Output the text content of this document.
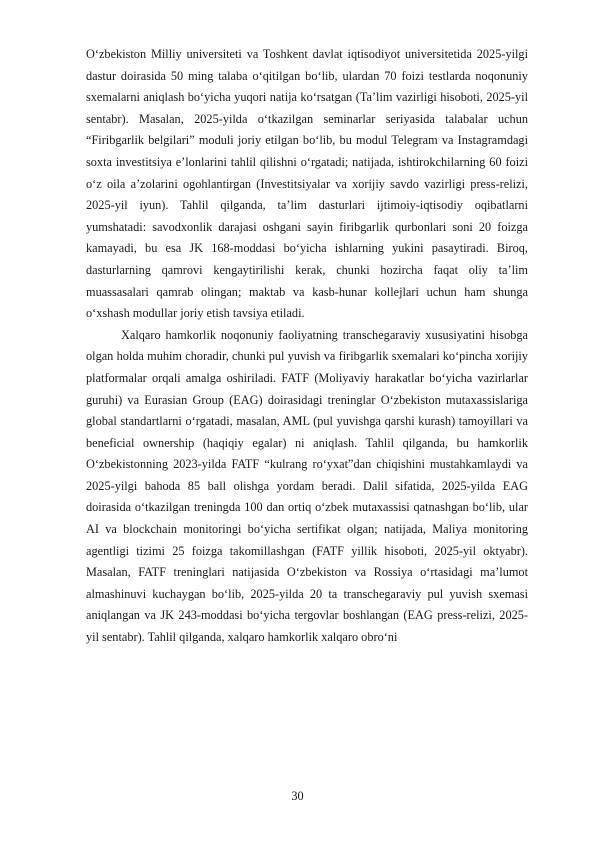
O‘zbekiston Milliy universiteti va Toshkent davlat iqtisodiyot universitetida 2025-yilgi dastur doirasida 50 ming talaba o‘qitilgan bo‘lib, ulardan 70 foizi testlarda noqonuniy sxemalarni aniqlash bo‘yicha yuqori natija ko‘rsatgan (Ta’lim vazirligi hisoboti, 2025-yil sentabr). Masalan, 2025-yilda o‘tkazilgan seminarlar seriyasida talabalar uchun “Firibgarlik belgilari” moduli joriy etilgan bo‘lib, bu modul Telegram va Instagramdagi soxta investitsiya e’lonlarini tahlil qilishni o‘rgatadi; natijada, ishtirokchilarning 60 foizi o‘z oila a’zolarini ogohlantirgan (Investitsiyalar va xorijiy savdo vazirligi press-relizi, 2025-yil iyun). Tahlil qilganda, ta’lim dasturlari ijtimoiy-iqtisodiy oqibatlarni yumshatadi: savodxonlik darajasi oshgani sayin firibgarlik qurbonlari soni 20 foizga kamayadi, bu esa JK 168-moddasi bo‘yicha ishlarning yukini pasaytiradi. Biroq, dasturlarning qamrovi kengaytirilishi kerak, chunki hozircha faqat oliy ta’lim muassasalari qamrab olingan; maktab va kasb-hunar kollejlari uchun ham shunga o‘xshash modullar joriy etish tavsiya etiladi.

Xalqaro hamkorlik noqonuniy faoliyatning transchegaraviy xususiyatini hisobga olgan holda muhim choradir, chunki pul yuvish va firibgarlik sxemalari ko‘pincha xorijiy platformalar orqali amalga oshiriladi. FATF (Moliyaviy harakatlar bo‘yicha vazirlarlar guruhi) va Eurasian Group (EAG) doirasidagi treninglar O‘zbekiston mutaxassislariga global standartlarni o‘rgatadi, masalan, AML (pul yuvishga qarshi kurash) tamoyillari va beneficial ownership (haqiqiy egalar) ni aniqlash. Tahlil qilganda, bu hamkorlik O‘zbekistonning 2023-yilda FATF “kulrang ro‘yxat”dan chiqishini mustahkamlaydi va 2025-yilgi bahoda 85 ball olishga yordam beradi. Dalil sifatida, 2025-yilda EAG doirasida o‘tkazilgan treningda 100 dan ortiq o‘zbek mutaxassisi qatnashgan bo‘lib, ular AI va blockchain monitoringi bo‘yicha sertifikat olgan; natijada, Maliya monitoring agentligi tizimi 25 foizga takomillashgan (FATF yillik hisoboti, 2025-yil oktyabr). Masalan, FATF treninglari natijasida O‘zbekiston va Rossiya o‘rtasidagi ma’lumot almashinuvi kuchaygan bo‘lib, 2025-yilda 20 ta transchegaraviy pul yuvish sxemasi aniqlangan va JK 243-moddasi bo‘yicha tergovlar boshlangan (EAG press-relizi, 2025-yil sentabr). Tahlil qilganda, xalqaro hamkorlik xalqaro obro‘ni

30
